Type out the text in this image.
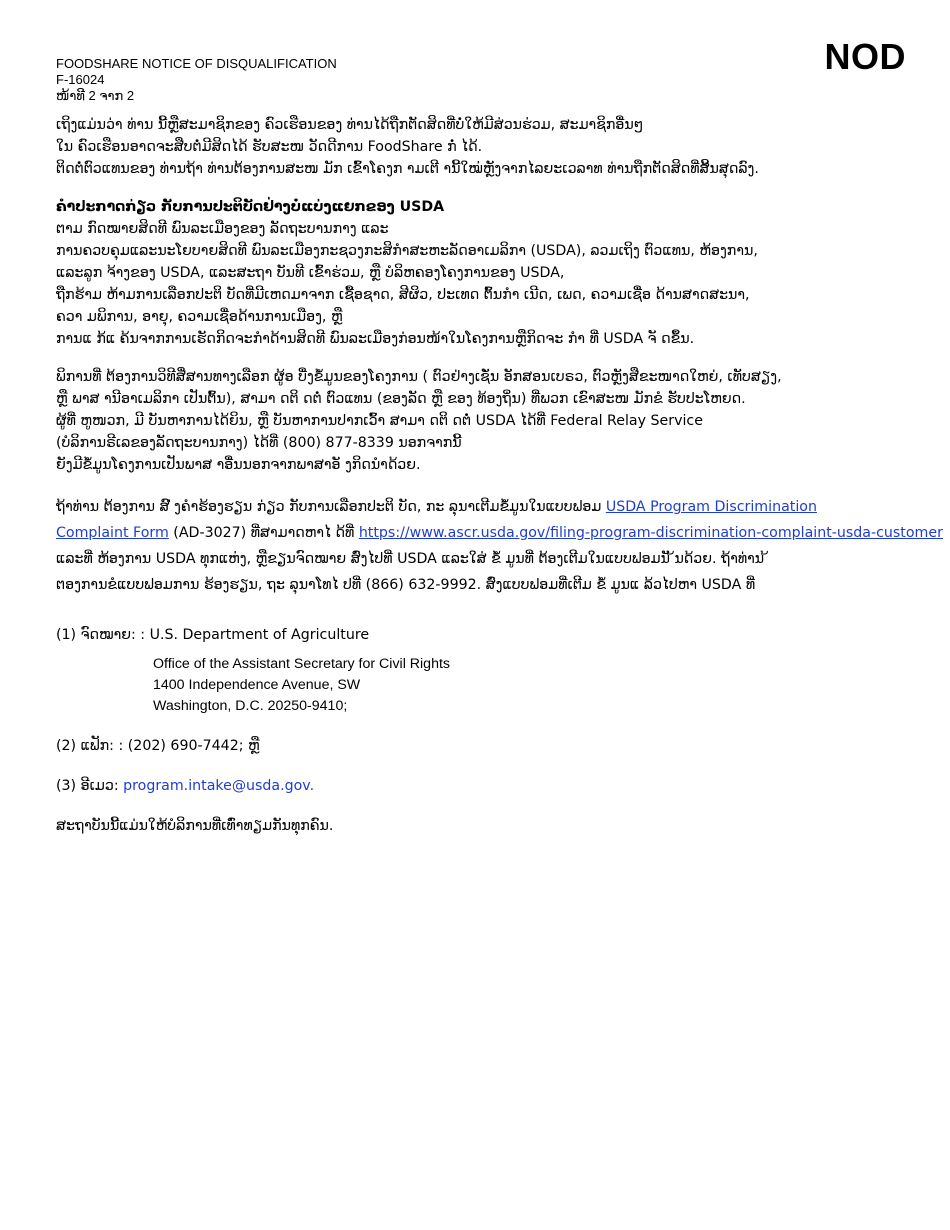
FOODSHARE NOTICE OF DISQUALIFICATION
F-16024
ໜ້າທີ 2 ຈາກ 2
NOD
ເຖິງແມ່ນວ່າ ທ່ານ ນີ້ຫຼືສະມາຊິກຂອງ ຄົວເຮືອນຂອງ ທ່ານໄດ້ຖືກຕັດສິດທີ່ບໍ່ໃຫ້ມີສ່ວນຮ່ວມ, ສະມາຊິກອື່ນໆ
ໃນ ຄົວເຮືອນອາດຈະສືບຕໍ່ມີສິດໄດ້ ຮັບສະໜ ວັດດີການ FoodShare ກໍ່ ໄດ້.
ຕິດຕໍ່ຕົວແທນຂອງ ທ່ານຖ້າ ທ່ານຕ້ອງການສະໜ ມັກ ເຂົ້າໂຄງກ າມເຕີ ານີ້ໃໝ່ຫຼັງຈາກໄລຍະເວລາທ ທ່ານຖືກຕັດສິດທີ່ສິ້ນສຸດລົງ.
ຄຳປະກາດກ່ຽວ ກັບການປະຕິບັດຢ່າງບໍ່ແບ່ງແຍກຂອງ USDA
ຕາມ ກົດໝາຍສິດທີ ພົນລະເມືອງຂອງ ລັດຖະບານກາງ ແລະ
ການຄວບຄຸມແລະນະໂຍບາຍສິດທີ ພົນລະເມືອງກະຊວງກະສິກຳສະຫະລັດອາເມລິກາ (USDA), ລວມເຖິງ ຕົວແທນ, ຫ້ອງການ,
ແລະລູກ ຈ້າງຂອງ USDA, ແລະສະຖາ ບັນທີ ເຂົ້າຮ່ວມ, ຫຼື ບໍລິຫຄອງໂຄງການຂອງ USDA,
ຖືກຮ້າມ ຫ້າມການເລືອກປະຕິ ບັດທີ່ມີເຫດມາຈາກ ເຊື້ອຊາດ, ສີຜິວ, ປະເທດ ຕົ້ນກຳ ເນີດ, ເພດ, ຄວາມເຊື່ອ ດ້ານສາດສະນາ,
ຄວາ ມພິການ, ອາຍຸ, ຄວາມເຊື່ອດ້ານການເມືອງ, ຫຼື
ການແ ກ້ແ ຄ້ນຈາກການເຮັດກິດຈະກຳດ້ານສິດທີ ພົນລະເມືອງກ່ອນໜ້າໃນໂຄງການຫຼືກິດຈະ ກຳ ທີ່ USDA ຈັ ດຂຶ້ນ.
ພິການທີ່ ຕ້ອງການວິທີສື່ສານທາງເລືອກ ຜູ້ອ ບື່ງຂໍ້ມູນຂອງໂຄງການ ( ຕົວຢ່າງເຊັ່ນ ອັກສອນເບຣວ, ຕົວຫຼັງສືຂະໜາດໃຫຍ່, ເທັບສຽງ,
ຫຼື ພາສ ານີອາເມລິກາ ເປັນຕົ້ນ), ສາມາ ດຕິ ດຕໍ່ ຕົວແທນ (ຂອງລັດ ຫຼື ຂອງ ທ້ອງຖິ່ນ) ທີ່ພວກ ເຂົາສະໜ ມັກຂໍ ຮັບປະໂຫຍດ.
ຜູ້ທີ່ ຫູໜວກ, ມີ ບັນຫາການໄດ້ຍິນ, ຫຼື ບັນຫາການປາກເວົ້າ ສາມາ ດຕິ ດຕໍ່ USDA ໄດ້ທີ່ Federal Relay Service
(ບໍລິການຣີເລຂອງລັດຖະບານກາງ) ໄດ້ທີ່ (800) 877-8339 ນອກຈາກນີ້
ຍັງມີຂໍ້ມູນໂຄງການເປັນພາສ າອື່ນນອກຈາກພາສາອັ ງກິດນຳດ້ວຍ.
ຖ້າທ່ານ ຕ້ອງການ ສົ ່ງຄຳຮ້ອງຮຽນ ກ່ຽວ ກັບການເລືອກປະຕິ ບັດ, ກະ ລຸນາເຕີມຂໍ້ມູນໃນແບບຟອມ USDA Program Discrimination
Complaint Form (AD-3027) ທີ່ສາມາດຫາໄ ດ້ທີ່ https://www.ascr.usda.gov/filing-program-discrimination-complaint-usda-customer
ແລະທີ່ ຫ້ອງການ USDA ທຸກແຫ່ງ, ຫຼືຂຽນຈົດໝາຍ ສົ່ງໄປທີ່ USDA ແລະໃສ່ ຂໍ້ ມູນທີ່ ຕ້ອງເຕີມໃນແບບຟອມນັ ້ນດ້ວຍ. ຖ້າທ່ານ ້
ຕອງການຂໍແບບຟອມການ ຮ້ອງຮຽນ, ຖະ ລຸນາໂທໄ ປທີ່ (866) 632-9992. ສົ່ງແບບຟອມທີ່ເຕີມ ຂໍ້ ມູນແ ລ້ວໄປຫາ USDA ທີ່
(1) ຈົດໝາຍ: : U.S. Department of Agriculture
Office of the Assistant Secretary for Civil Rights
1400 Independence Avenue, SW
Washington, D.C. 20250-9410;
(2) ແຟັກ: : (202) 690-7442; ຫຼື
(3) ອີເມວ: program.intake@usda.gov.
ສະຖາບັນນີ້ແມ່ນໃຫ້ບໍລິການທີ່ເທົ່າທຽມກັນທຸກຄົນ.
